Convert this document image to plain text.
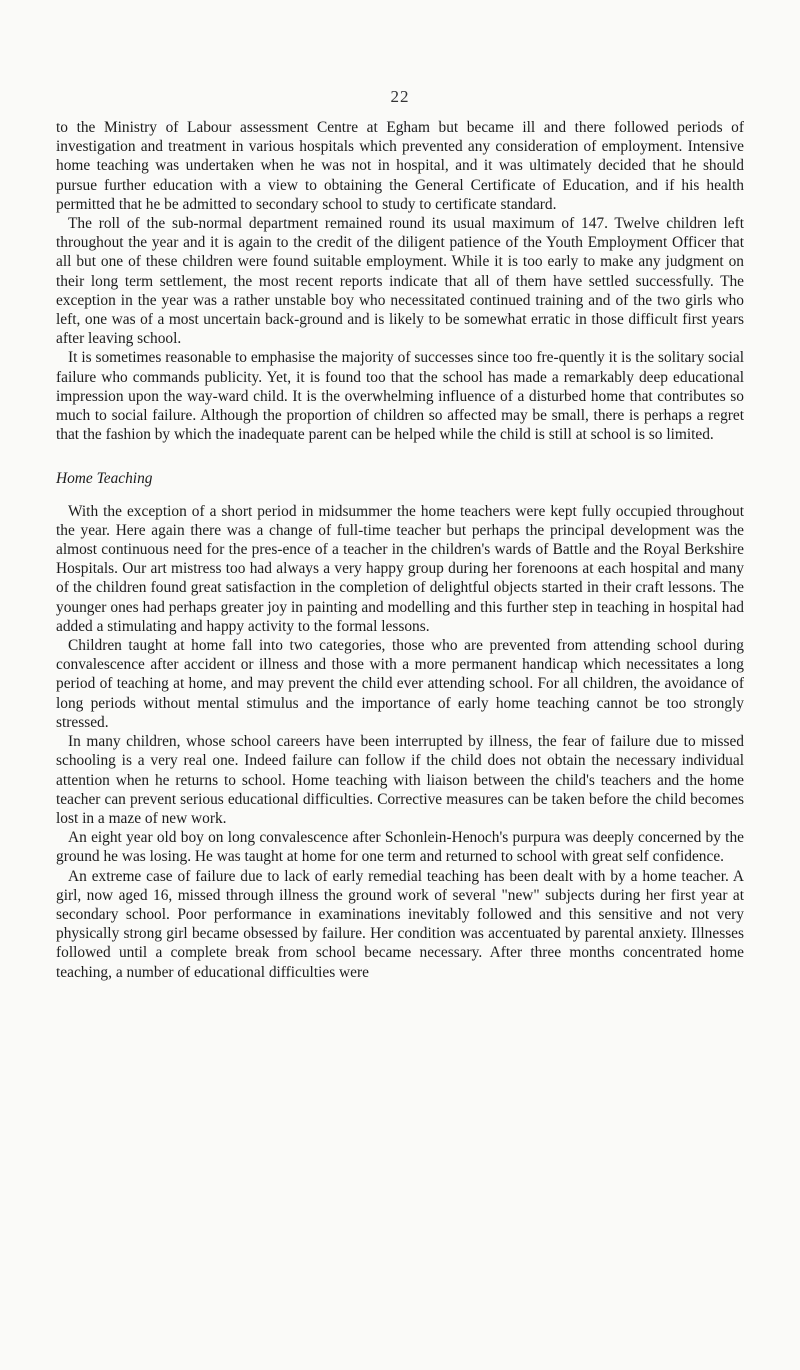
22

to the Ministry of Labour assessment Centre at Egham but became ill and there followed periods of investigation and treatment in various hospitals which prevented any consideration of employment. Intensive home teaching was undertaken when he was not in hospital, and it was ultimately decided that he should pursue further education with a view to obtaining the General Certificate of Education, and if his health permitted that he be admitted to secondary school to study to certificate standard.

The roll of the sub-normal department remained round its usual maximum of 147. Twelve children left throughout the year and it is again to the credit of the diligent patience of the Youth Employment Officer that all but one of these children were found suitable employment. While it is too early to make any judgment on their long term settlement, the most recent reports indicate that all of them have settled successfully. The exception in the year was a rather unstable boy who necessitated continued training and of the two girls who left, one was of a most uncertain back-ground and is likely to be somewhat erratic in those difficult first years after leaving school.

It is sometimes reasonable to emphasise the majority of successes since too fre-quently it is the solitary social failure who commands publicity. Yet, it is found too that the school has made a remarkably deep educational impression upon the way-ward child. It is the overwhelming influence of a disturbed home that contributes so much to social failure. Although the proportion of children so affected may be small, there is perhaps a regret that the fashion by which the inadequate parent can be helped while the child is still at school is so limited.

Home Teaching

With the exception of a short period in midsummer the home teachers were kept fully occupied throughout the year. Here again there was a change of full-time teacher but perhaps the principal development was the almost continuous need for the pres-ence of a teacher in the children's wards of Battle and the Royal Berkshire Hospitals. Our art mistress too had always a very happy group during her forenoons at each hospital and many of the children found great satisfaction in the completion of delightful objects started in their craft lessons. The younger ones had perhaps greater joy in painting and modelling and this further step in teaching in hospital had added a stimulating and happy activity to the formal lessons.

Children taught at home fall into two categories, those who are prevented from attending school during convalescence after accident or illness and those with a more permanent handicap which necessitates a long period of teaching at home, and may prevent the child ever attending school. For all children, the avoidance of long periods without mental stimulus and the importance of early home teaching cannot be too strongly stressed.

In many children, whose school careers have been interrupted by illness, the fear of failure due to missed schooling is a very real one. Indeed failure can follow if the child does not obtain the necessary individual attention when he returns to school. Home teaching with liaison between the child's teachers and the home teacher can prevent serious educational difficulties. Corrective measures can be taken before the child becomes lost in a maze of new work.

An eight year old boy on long convalescence after Schonlein-Henoch's purpura was deeply concerned by the ground he was losing. He was taught at home for one term and returned to school with great self confidence.

An extreme case of failure due to lack of early remedial teaching has been dealt with by a home teacher. A girl, now aged 16, missed through illness the ground work of several "new" subjects during her first year at secondary school. Poor performance in examinations inevitably followed and this sensitive and not very physically strong girl became obsessed by failure. Her condition was accentuated by parental anxiety. Illnesses followed until a complete break from school became necessary. After three months concentrated home teaching, a number of educational difficulties were
